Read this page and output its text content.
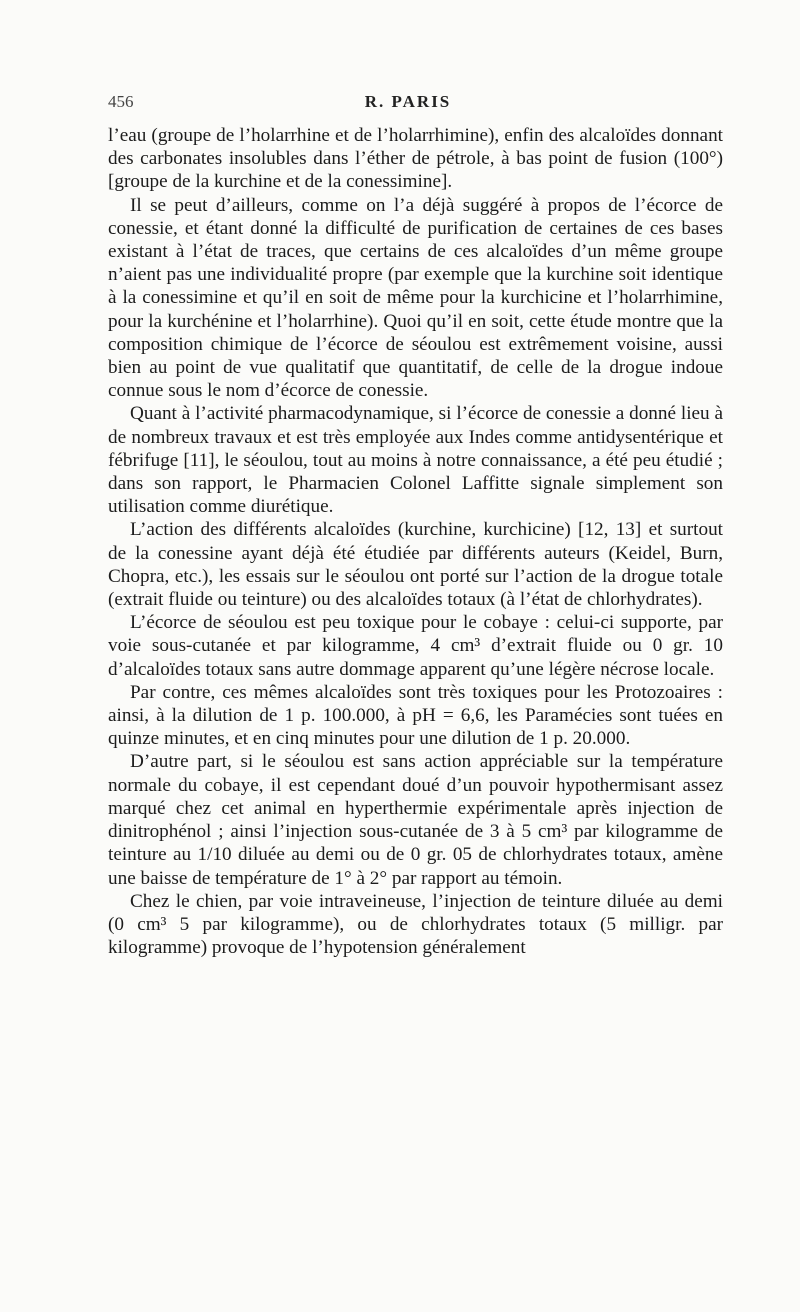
456	R. PARIS

l’eau (groupe de l’holarrhine et de l’holarrhimine), enfin des alcaloïdes donnant des carbonates insolubles dans l’éther de pétrole, à bas point de fusion (100°) [groupe de la kurchine et de la conessimine].

Il se peut d’ailleurs, comme on l’a déjà suggéré à propos de l’écorce de conessie, et étant donné la difficulté de purification de certaines de ces bases existant à l’état de traces, que certains de ces alcaloïdes d’un même groupe n’aient pas une individualité propre (par exemple que la kurchine soit identique à la conessimine et qu’il en soit de même pour la kurchicine et l’holarrhimine, pour la kurchénine et l’holarrhine). Quoi qu’il en soit, cette étude montre que la composition chimique de l’écorce de séoulou est extrêmement voisine, aussi bien au point de vue qualitatif que quantitatif, de celle de la drogue indoue connue sous le nom d’écorce de conessie.

Quant à l’activité pharmacodynamique, si l’écorce de conessie a donné lieu à de nombreux travaux et est très employée aux Indes comme antidysentérique et fébrifuge [11], le séoulou, tout au moins à notre connaissance, a été peu étudié ; dans son rapport, le Pharmacien Colonel Laffitte signale simplement son utilisation comme diurétique.

L’action des différents alcaloïdes (kurchine, kurchicine) [12, 13] et surtout de la conessine ayant déjà été étudiée par différents auteurs (Keidel, Burn, Chopra, etc.), les essais sur le séoulou ont porté sur l’action de la drogue totale (extrait fluide ou teinture) ou des alcaloïdes totaux (à l’état de chlorhydrates).

L’écorce de séoulou est peu toxique pour le cobaye : celui-ci supporte, par voie sous-cutanée et par kilogramme, 4 cm³ d’extrait fluide ou 0 gr. 10 d’alcaloïdes totaux sans autre dommage apparent qu’une légère nécrose locale.

Par contre, ces mêmes alcaloïdes sont très toxiques pour les Protozoaires : ainsi, à la dilution de 1 p. 100.000, à pH = 6,6, les Paramécies sont tuées en quinze minutes, et en cinq minutes pour une dilution de 1 p. 20.000.

D’autre part, si le séoulou est sans action appréciable sur la température normale du cobaye, il est cependant doué d’un pouvoir hypothermisant assez marqué chez cet animal en hyperthermie expérimentale après injection de dinitrophénol ; ainsi l’injection sous-cutanée de 3 à 5 cm³ par kilogramme de teinture au 1/10 diluée au demi ou de 0 gr. 05 de chlorhydrates totaux, amène une baisse de température de 1° à 2° par rapport au témoin.

Chez le chien, par voie intraveineuse, l’injection de teinture diluée au demi (0 cm³ 5 par kilogramme), ou de chlorhydrates totaux (5 milligr. par kilogramme) provoque de l’hypotension généralement
